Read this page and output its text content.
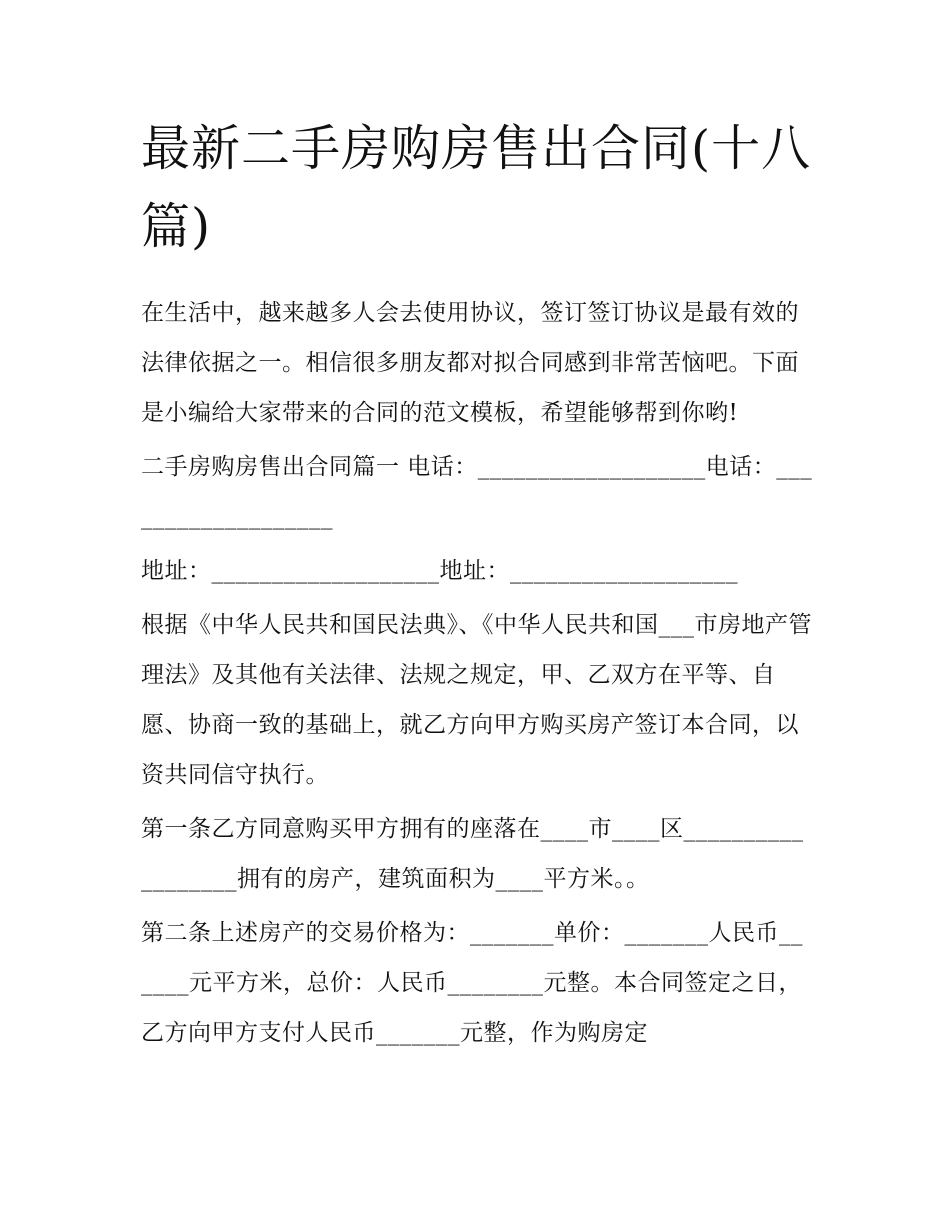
最新二手房购房售出合同(十八篇)

在生活中，越来越多人会去使用协议，签订签订协议是最有效的法律依据之一。相信很多朋友都对拟合同感到非常苦恼吧。下面是小编给大家带来的合同的范文模板，希望能够帮到你哟!

二手房购房售出合同篇一 电话：___________________电话：___________________

地址：___________________地址：___________________

根据《中华人民共和国民法典》、《中华人民共和国___市房地产管理法》及其他有关法律、法规之规定，甲、乙双方在平等、自愿、协商一致的基础上，就乙方向甲方购买房产签订本合同，以资共同信守执行。

第一条乙方同意购买甲方拥有的座落在____市____区__________________拥有的房产，建筑面积为____平方米。。

第二条上述房产的交易价格为：_______单价：_______人民币______元平方米，总价：人民币________元整。本合同签定之日，乙方向甲方支付人民币_______元整，作为购房定
